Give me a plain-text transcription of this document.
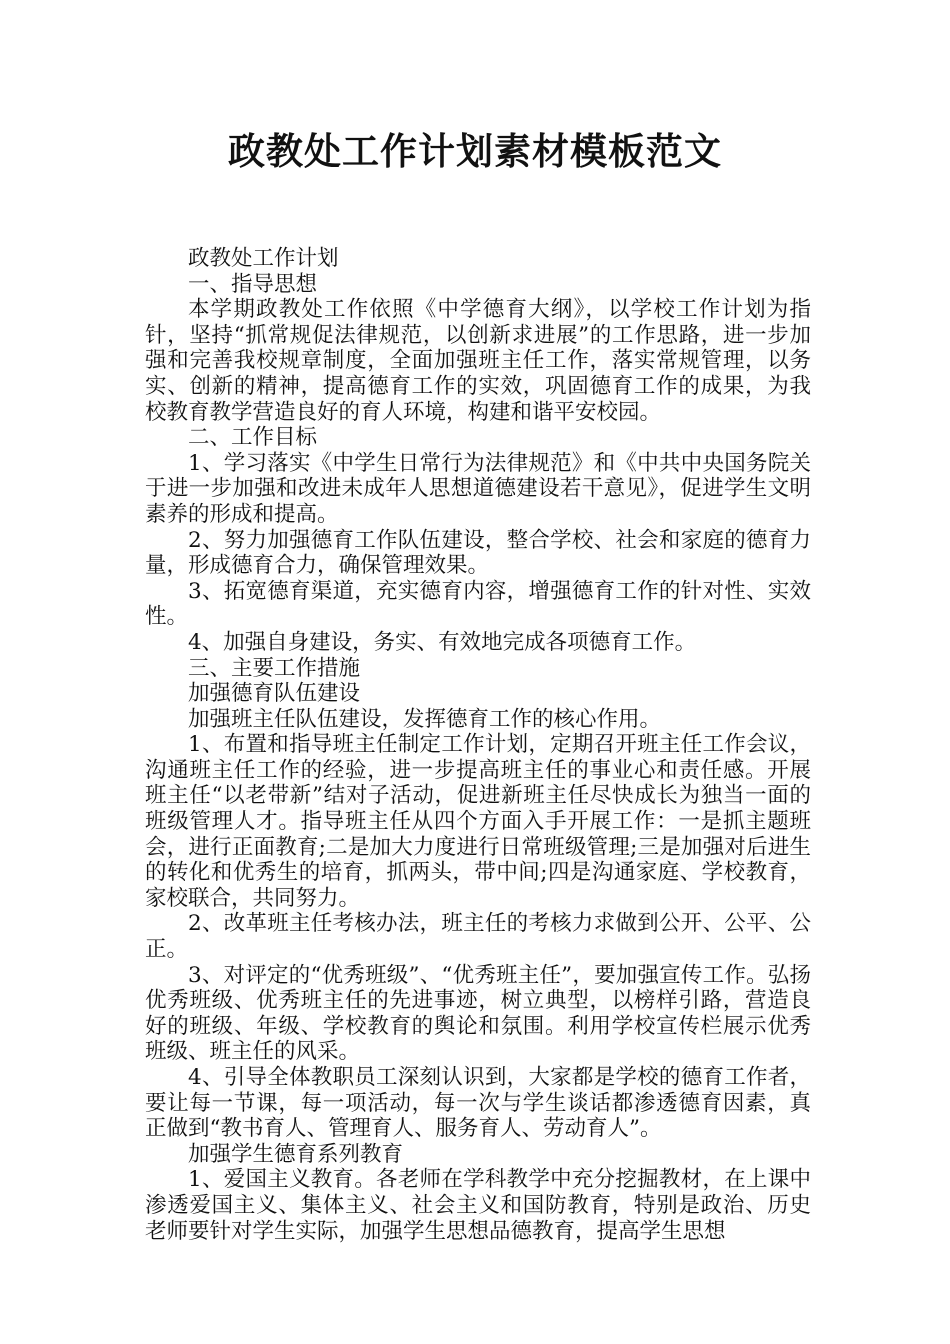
政教处工作计划素材模板范文

政教处工作计划

一、指导思想

本学期政教处工作依照《中学德育大纲》，以学校工作计划为指针，坚持“抓常规促法律规范，以创新求进展”的工作思路，进一步加强和完善我校规章制度，全面加强班主任工作，落实常规管理，以务实、创新的精神，提高德育工作的实效，巩固德育工作的成果，为我校教育教学营造良好的育人环境，构建和谐平安校园。

二、工作目标

1、学习落实《中学生日常行为法律规范》和《中共中央国务院关于进一步加强和改进未成年人思想道德建设若干意见》，促进学生文明素养的形成和提高。

2、努力加强德育工作队伍建设，整合学校、社会和家庭的德育力量，形成德育合力，确保管理效果。

3、拓宽德育渠道，充实德育内容，增强德育工作的针对性、实效性。

4、加强自身建设，务实、有效地完成各项德育工作。

三、主要工作措施

加强德育队伍建设

加强班主任队伍建设，发挥德育工作的核心作用。

1、布置和指导班主任制定工作计划，定期召开班主任工作会议，沟通班主任工作的经验，进一步提高班主任的事业心和责任感。开展班主任“以老带新”结对子活动，促进新班主任尽快成长为独当一面的班级管理人才。指导班主任从四个方面入手开展工作：一是抓主题班会，进行正面教育;二是加大力度进行日常班级管理;三是加强对后进生的转化和优秀生的培育，抓两头，带中间;四是沟通家庭、学校教育，家校联合，共同努力。

2、改革班主任考核办法，班主任的考核力求做到公开、公平、公正。

3、对评定的“优秀班级”、“优秀班主任”，要加强宣传工作。弘扬优秀班级、优秀班主任的先进事迹，树立典型，以榜样引路，营造良好的班级、年级、学校教育的舆论和氛围。利用学校宣传栏展示优秀班级、班主任的风采。

4、引导全体教职员工深刻认识到，大家都是学校的德育工作者，要让每一节课，每一项活动，每一次与学生谈话都渗透德育因素，真正做到“教书育人、管理育人、服务育人、劳动育人”。

加强学生德育系列教育

1、爱国主义教育。各老师在学科教学中充分挖掘教材，在上课中渗透爱国主义、集体主义、社会主义和国防教育，特别是政治、历史老师要针对学生实际，加强学生思想品德教育，提高学生思想
